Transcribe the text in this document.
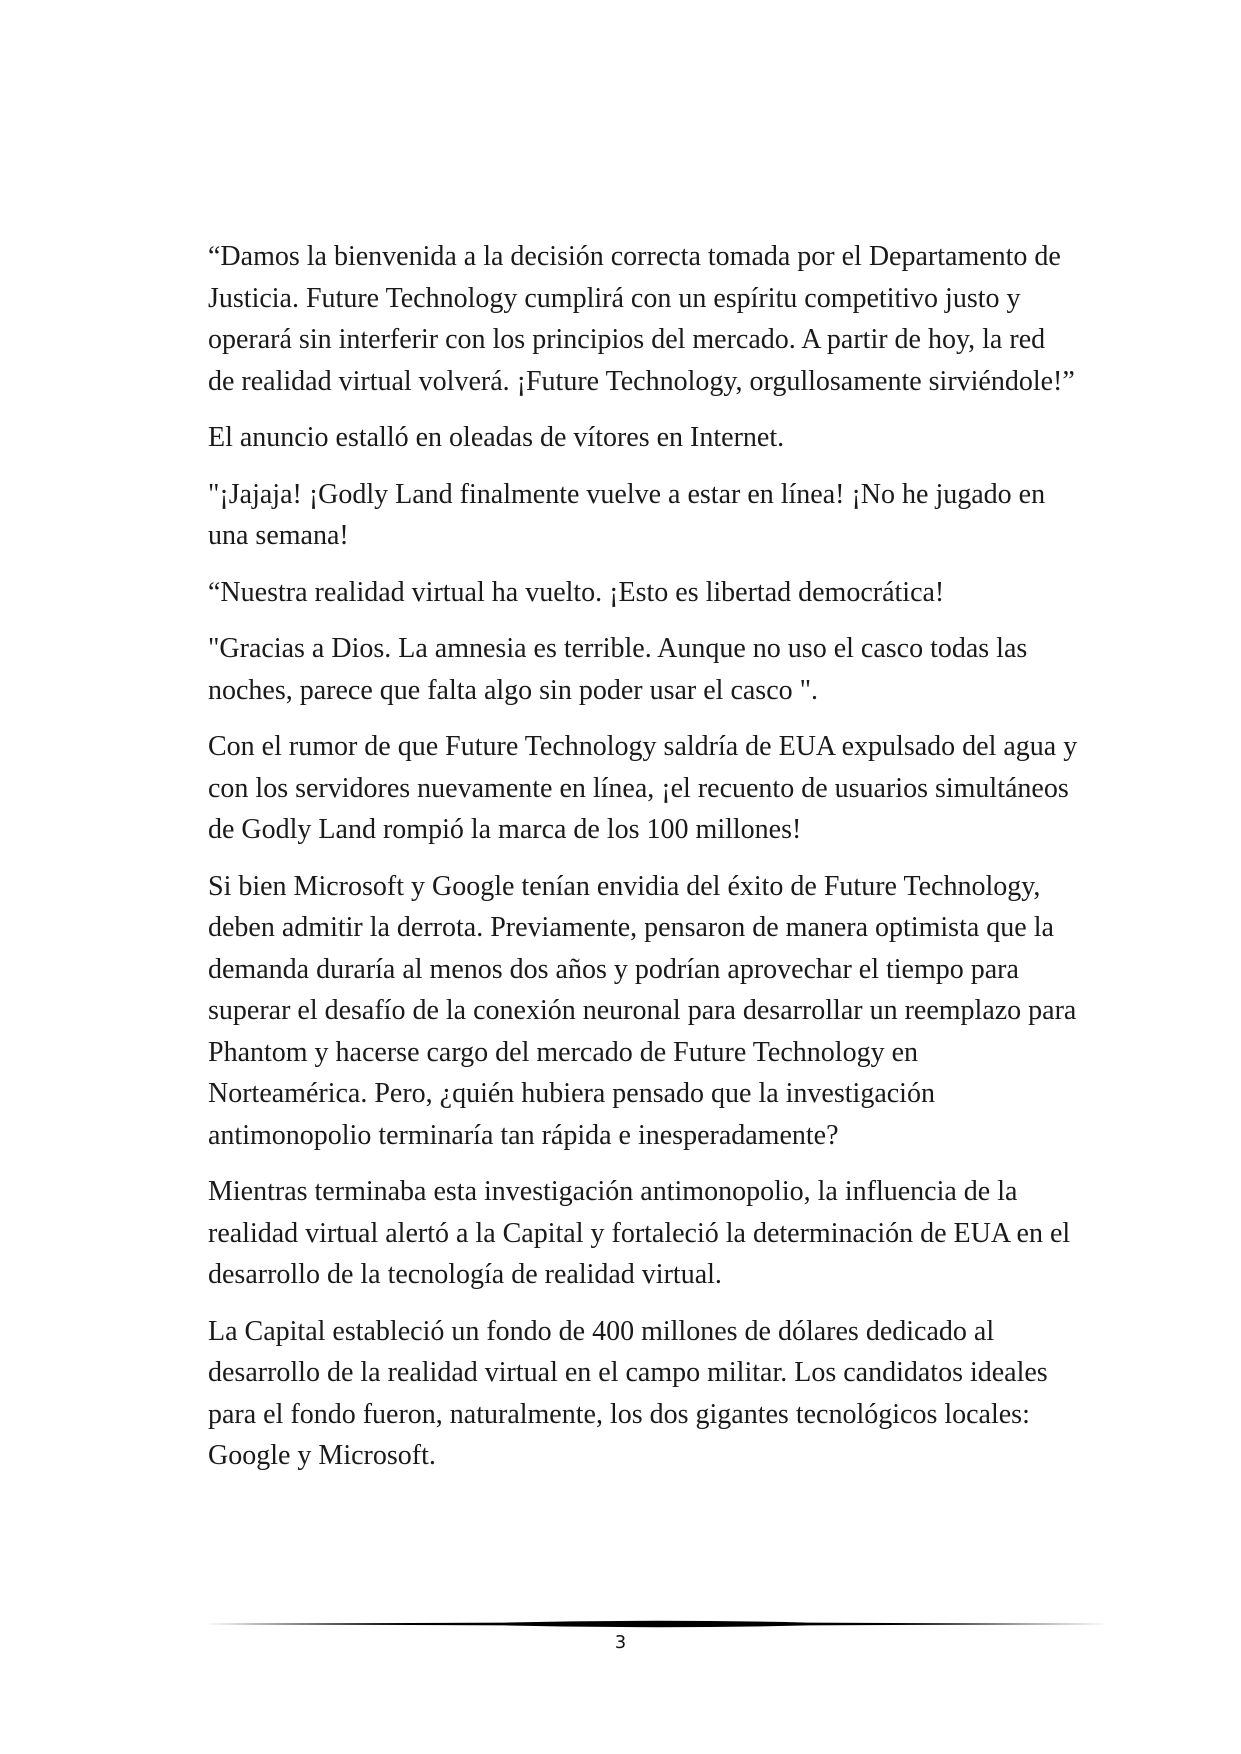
“Damos la bienvenida a la decisión correcta tomada por el Departamento de Justicia. Future Technology cumplirá con un espíritu competitivo justo y operará sin interferir con los principios del mercado. A partir de hoy, la red de realidad virtual volverá. ¡Future Technology, orgullosamente sirviéndole!”

El anuncio estalló en oleadas de vítores en Internet.

"¡Jajaja! ¡Godly Land finalmente vuelve a estar en línea! ¡No he jugado en una semana!

“Nuestra realidad virtual ha vuelto. ¡Esto es libertad democrática!

"Gracias a Dios. La amnesia es terrible. Aunque no uso el casco todas las noches, parece que falta algo sin poder usar el casco ".

Con el rumor de que Future Technology saldría de EUA expulsado del agua y con los servidores nuevamente en línea, ¡el recuento de usuarios simultáneos de Godly Land rompió la marca de los 100 millones!

Si bien Microsoft y Google tenían envidia del éxito de Future Technology, deben admitir la derrota. Previamente, pensaron de manera optimista que la demanda duraría al menos dos años y podrían aprovechar el tiempo para superar el desafío de la conexión neuronal para desarrollar un reemplazo para Phantom y hacerse cargo del mercado de Future Technology en Norteamérica. Pero, ¿quién hubiera pensado que la investigación antimonopolio terminaría tan rápida e inesperadamente?

Mientras terminaba esta investigación antimonopolio, la influencia de la realidad virtual alertó a la Capital y fortaleció la determinación de EUA en el desarrollo de la tecnología de realidad virtual.

La Capital estableció un fondo de 400 millones de dólares dedicado al desarrollo de la realidad virtual en el campo militar. Los candidatos ideales para el fondo fueron, naturalmente, los dos gigantes tecnológicos locales: Google y Microsoft.

3
